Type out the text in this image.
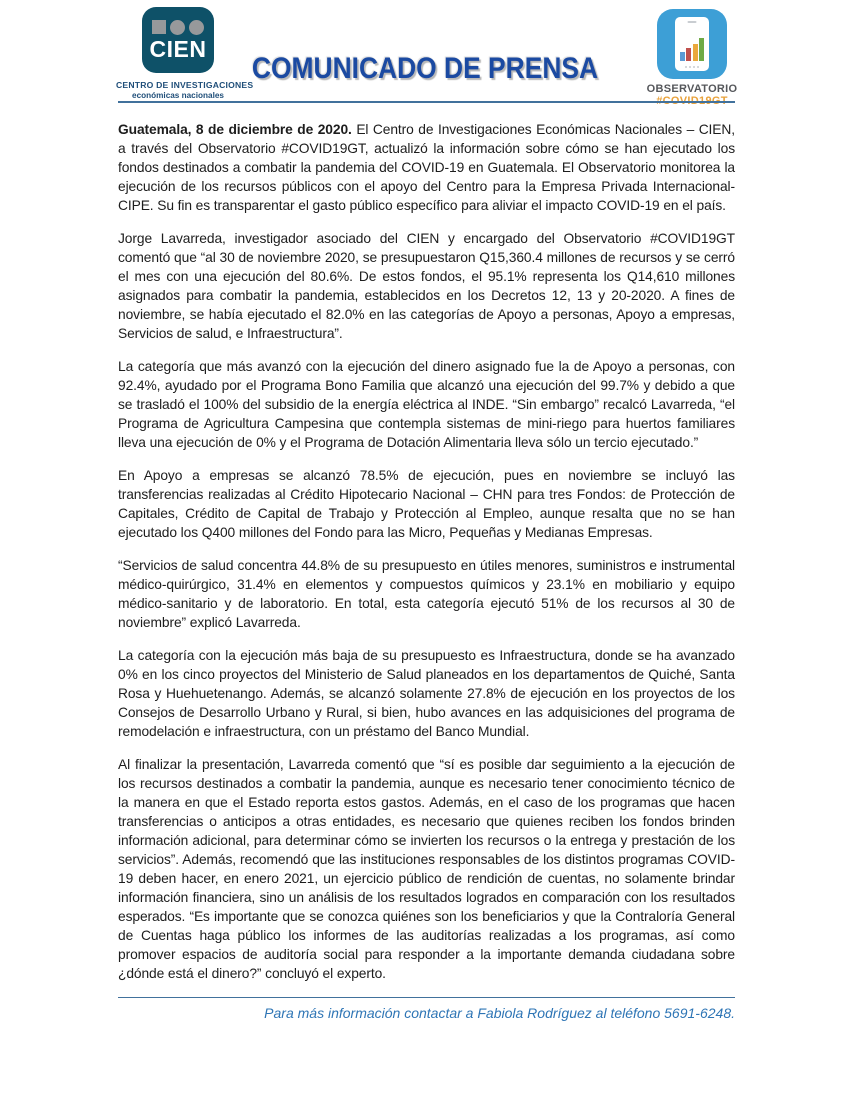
CIEN
CENTRO DE INVESTIGACIONES
económicas nacionales
COMUNICADO DE PRENSA
OBSERVATORIO

Guatemala, 8 de diciembre de 2020. El Centro de Investigaciones Económicas Nacionales – CIEN, a través del Observatorio #COVID19GT, actualizó la información sobre cómo se han ejecutado los fondos destinados a combatir la pandemia del COVID-19 en Guatemala. El Observatorio monitorea la ejecución de los recursos públicos con el apoyo del Centro para la Empresa Privada Internacional-CIPE. Su fin es transparentar el gasto público específico para aliviar el impacto COVID-19 en el país.

Jorge Lavarreda, investigador asociado del CIEN y encargado del Observatorio #COVID19GT comentó que “al 30 de noviembre 2020, se presupuestaron Q15,360.4 millones de recursos y se cerró el mes con una ejecución del 80.6%. De estos fondos, el 95.1% representa los Q14,610 millones asignados para combatir la pandemia, establecidos en los Decretos 12, 13 y 20-2020. A fines de noviembre, se había ejecutado el 82.0% en las categorías de Apoyo a personas, Apoyo a empresas, Servicios de salud, e Infraestructura”.

La categoría que más avanzó con la ejecución del dinero asignado fue la de Apoyo a personas, con 92.4%, ayudado por el Programa Bono Familia que alcanzó una ejecución del 99.7% y debido a que se trasladó el 100% del subsidio de la energía eléctrica al INDE. “Sin embargo” recalcó Lavarreda, “el Programa de Agricultura Campesina que contempla sistemas de mini-riego para huertos familiares lleva una ejecución de 0% y el Programa de Dotación Alimentaria lleva sólo un tercio ejecutado.”

En Apoyo a empresas se alcanzó 78.5% de ejecución, pues en noviembre se incluyó las transferencias realizadas al Crédito Hipotecario Nacional – CHN para tres Fondos: de Protección de Capitales, Crédito de Capital de Trabajo y Protección al Empleo, aunque resalta que no se han ejecutado los Q400 millones del Fondo para las Micro, Pequeñas y Medianas Empresas.

“Servicios de salud concentra 44.8% de su presupuesto en útiles menores, suministros e instrumental médico-quirúrgico, 31.4% en elementos y compuestos químicos y 23.1% en mobiliario y equipo médico-sanitario y de laboratorio. En total, esta categoría ejecutó 51% de los recursos al 30 de noviembre” explicó Lavarreda.

La categoría con la ejecución más baja de su presupuesto es Infraestructura, donde se ha avanzado 0% en los cinco proyectos del Ministerio de Salud planeados en los departamentos de Quiché, Santa Rosa y Huehuetenango. Además, se alcanzó solamente 27.8% de ejecución en los proyectos de los Consejos de Desarrollo Urbano y Rural, si bien, hubo avances en las adquisiciones del programa de remodelación e infraestructura, con un préstamo del Banco Mundial.

Al finalizar la presentación, Lavarreda comentó que “sí es posible dar seguimiento a la ejecución de los recursos destinados a combatir la pandemia, aunque es necesario tener conocimiento técnico de la manera en que el Estado reporta estos gastos. Además, en el caso de los programas que hacen transferencias o anticipos a otras entidades, es necesario que quienes reciben los fondos brinden información adicional, para determinar cómo se invierten los recursos o la entrega y prestación de los servicios”. Además, recomendó que las instituciones responsables de los distintos programas COVID-19 deben hacer, en enero 2021, un ejercicio público de rendición de cuentas, no solamente brindar información financiera, sino un análisis de los resultados logrados en comparación con los resultados esperados. “Es importante que se conozca quiénes son los beneficiarios y que la Contraloría General de Cuentas haga público los informes de las auditorías realizadas a los programas, así como promover espacios de auditoría social para responder a la importante demanda ciudadana sobre ¿dónde está el dinero?” concluyó el experto.

Para más información contactar a Fabiola Rodríguez al teléfono 5691-6248.
